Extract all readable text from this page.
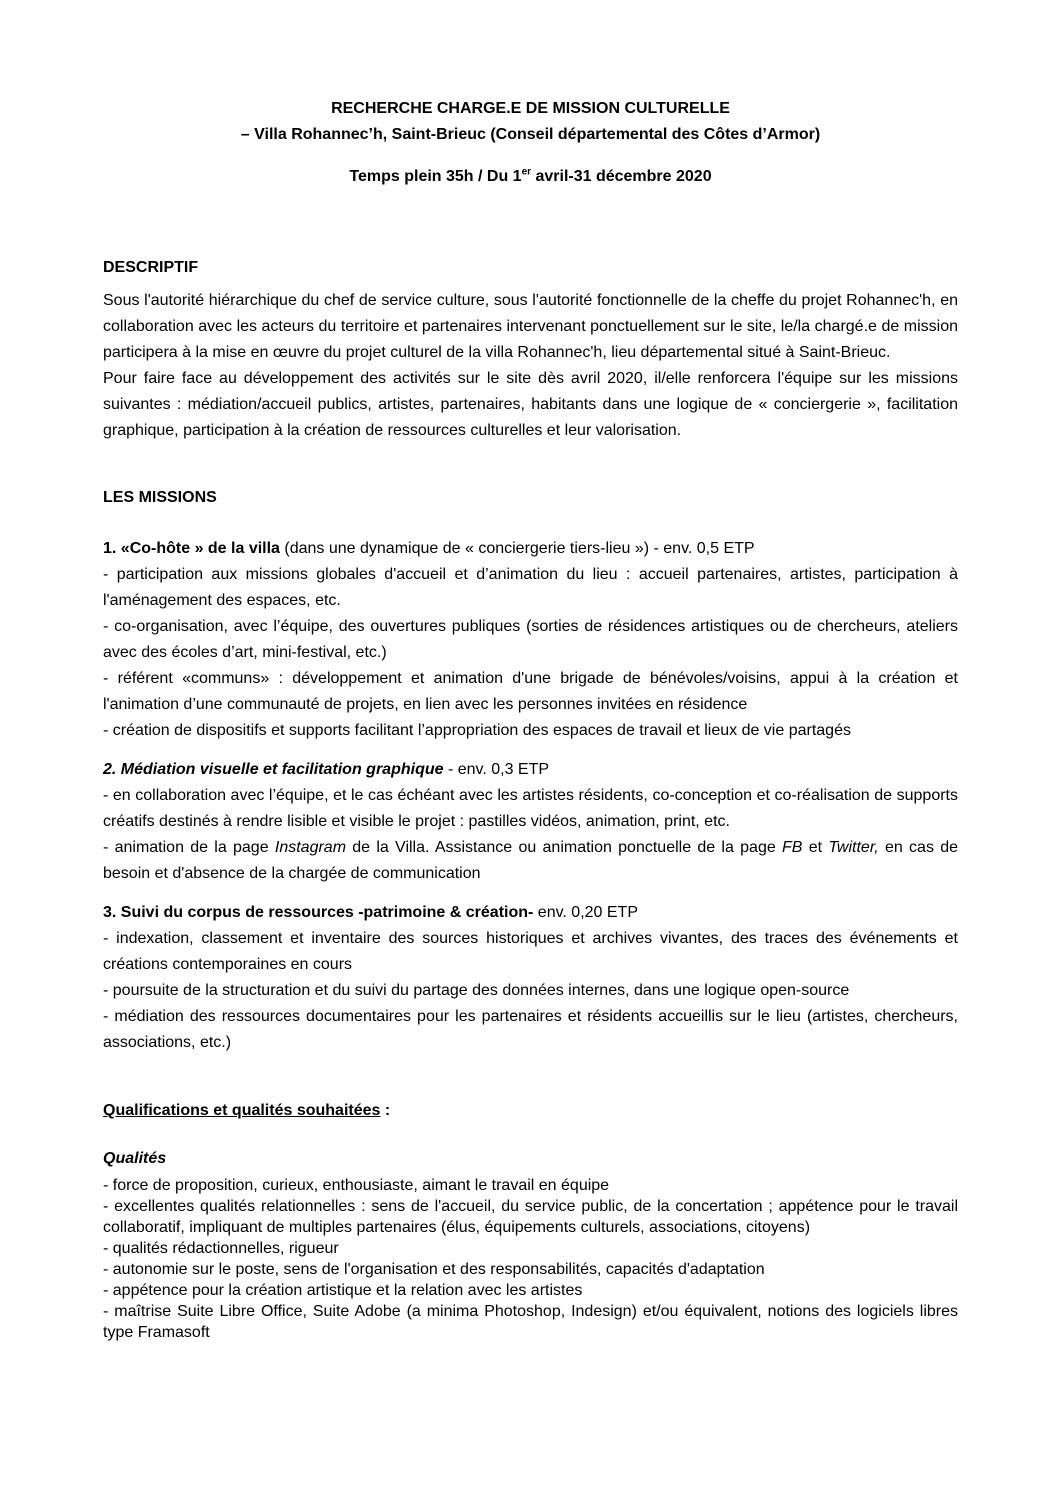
RECHERCHE CHARGE.E DE MISSION CULTURELLE

– Villa Rohannec’h, Saint-Brieuc (Conseil départemental des Côtes d’Armor)

Temps plein 35h / Du 1er avril-31 décembre 2020

DESCRIPTIF

Sous l'autorité hiérarchique du chef de service culture, sous l'autorité fonctionnelle de la cheffe du projet Rohannec'h, en collaboration avec les acteurs du territoire et partenaires intervenant ponctuellement sur le site, le/la chargé.e de mission participera à la mise en œuvre du projet culturel de la villa Rohannec'h, lieu départemental situé à Saint-Brieuc.

Pour faire face au développement des activités sur le site dès avril 2020, il/elle renforcera l'équipe sur les missions suivantes : médiation/accueil publics, artistes, partenaires, habitants dans une logique de « conciergerie », facilitation graphique, participation à la création de ressources culturelles et leur valorisation.

LES MISSIONS

1. «Co-hôte » de la villa (dans une dynamique de « conciergerie tiers-lieu ») - env. 0,5 ETP

- participation aux missions globales d'accueil et d’animation du lieu : accueil partenaires, artistes, participation à l'aménagement des espaces, etc.

- co-organisation, avec l’équipe, des ouvertures publiques (sorties de résidences artistiques ou de chercheurs, ateliers avec des écoles d’art, mini-festival, etc.)

- référent «communs» : développement et animation d'une brigade de bénévoles/voisins, appui à la création et l'animation d’une communauté de projets, en lien avec les personnes invitées en résidence

- création de dispositifs et supports facilitant l’appropriation des espaces de travail et lieux de vie partagés

2. Médiation visuelle et facilitation graphique - env. 0,3 ETP

- en collaboration avec l’équipe, et le cas échéant avec les artistes résidents, co-conception et co-réalisation de supports créatifs destinés à rendre lisible et visible le projet : pastilles vidéos, animation, print, etc.

- animation de la page Instagram de la Villa. Assistance ou animation ponctuelle de la page FB et Twitter, en cas de besoin et d'absence de la chargée de communication

3. Suivi du corpus de ressources -patrimoine & création- env. 0,20 ETP

- indexation, classement et inventaire des sources historiques et archives vivantes, des traces des événements et créations contemporaines en cours

- poursuite de la structuration et du suivi du partage des données internes, dans une logique open-source

- médiation des ressources documentaires pour les partenaires et résidents accueillis sur le lieu (artistes, chercheurs, associations, etc.)

Qualifications et qualités souhaitées :

Qualités

- force de proposition, curieux, enthousiaste, aimant le travail en équipe

- excellentes qualités relationnelles : sens de l'accueil, du service public, de la concertation ; appétence pour le travail collaboratif, impliquant de multiples partenaires (élus, équipements culturels, associations, citoyens)

- qualités rédactionnelles, rigueur

- autonomie sur le poste, sens de l'organisation et des responsabilités, capacités d'adaptation

- appétence pour la création artistique et la relation avec les artistes

- maîtrise Suite Libre Office, Suite Adobe (a minima Photoshop, Indesign) et/ou équivalent, notions des logiciels libres type Framasoft
